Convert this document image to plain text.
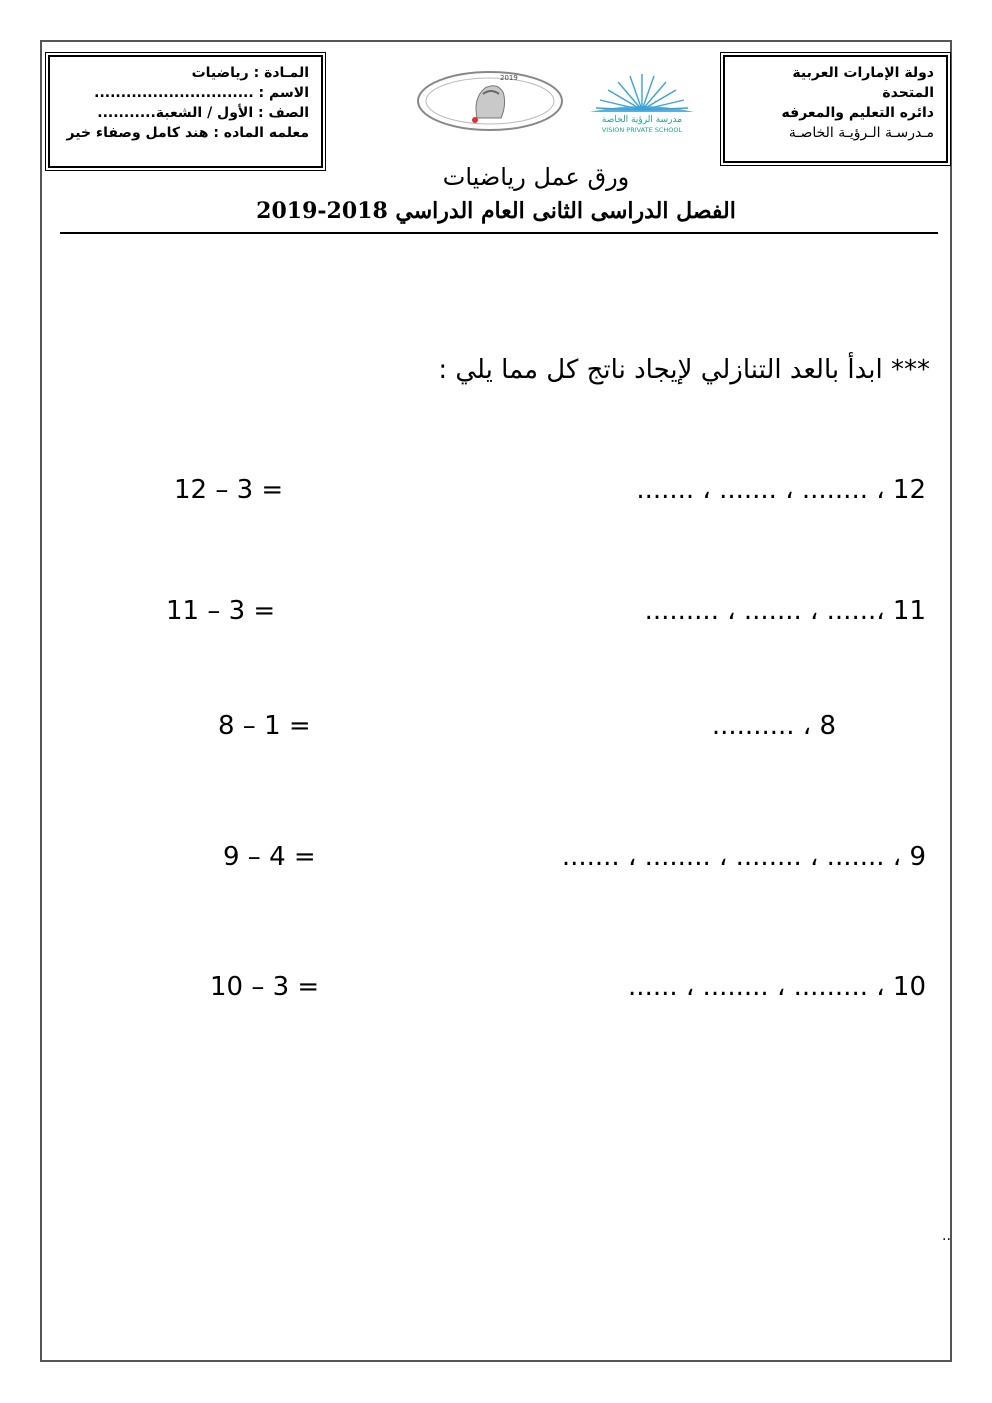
دولة الإمارات العربية
المتحدة
دائره التعليم والمعرفه
مـدرسـة الـرؤيـة الخاصـة
المـادة : رياضيات
الاسم : ..............................
الصف : الأول / الشعبة...........
معلمه الماده : هند كامل وصفاء خير
2019
مدرسة الرؤية الخاصة
VISION PRIVATE SCHOOL
ورق عمل رياضيات
الفصل الدراسى الثانى العام الدراسي 2018-2019
*** ابدأ بالعد التنازلي لإيجاد ناتج كل مما يلي :
12 ، ........ ، ....... ، .......
12 – 3 =
11 ،...... ، ....... ، .........
11 – 3 =
8 ، ..........
8 – 1 =
9 ، ....... ، ........ ، ........ ، .......
9 – 4 =
10 ، ......... ، ........ ، ......
10 – 3 =
..
